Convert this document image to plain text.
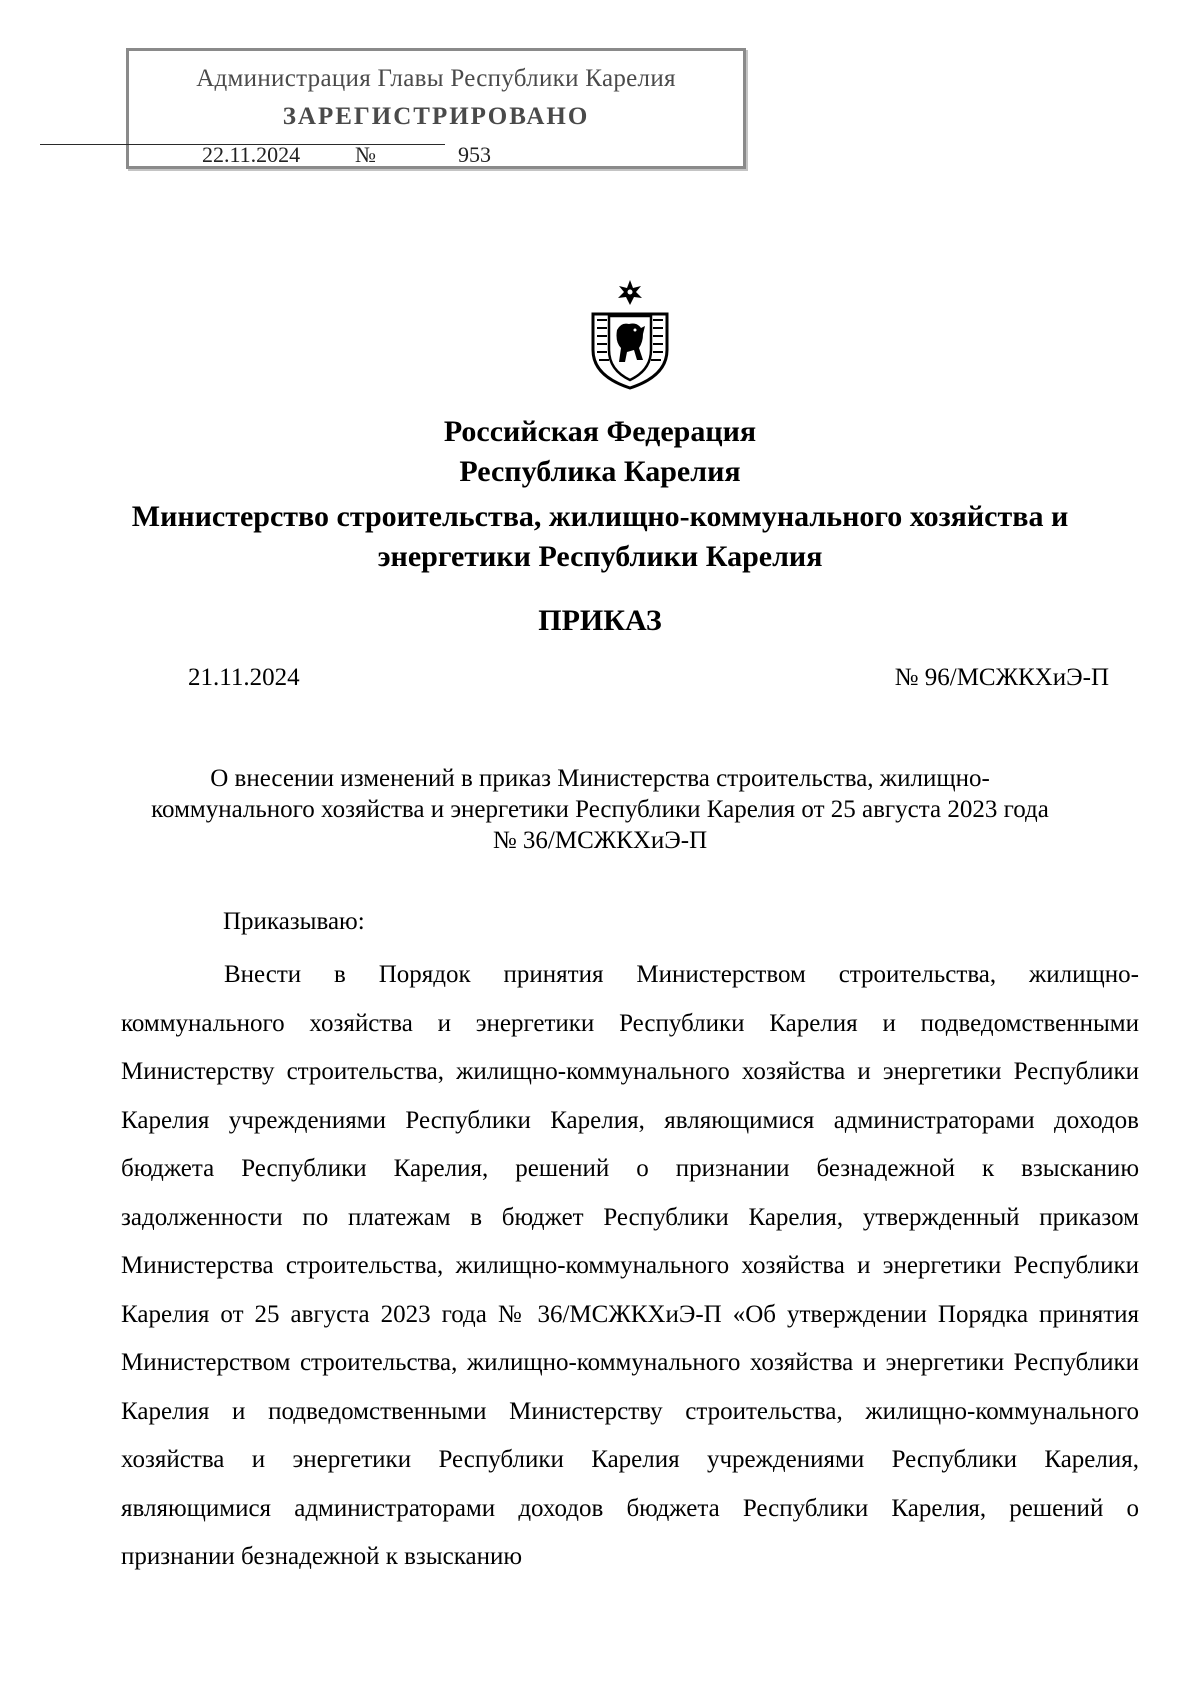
Администрация Главы Республики Карелия
ЗАРЕГИСТРИРОВАНО
22.11.2024 №	953
Российская Федерация
Республика Карелия
Министерство строительства, жилищно-коммунального хозяйства и энергетики Республики Карелия
ПРИКАЗ
21.11.2024	№ 96/МСЖКХиЭ-П
О внесении изменений в приказ Министерства строительства, жилищно-коммунального хозяйства и энергетики Республики Карелия от 25 августа 2023 года № 36/МСЖКХиЭ-П
Приказываю:
Внести в Порядок принятия Министерством строительства, жилищно-коммунального хозяйства и энергетики Республики Карелия и подведомственными Министерству строительства, жилищно-коммунального хозяйства и энергетики Республики Карелия учреждениями Республики Карелия, являющимися администраторами доходов бюджета Республики Карелия, решений о признании безнадежной к взысканию задолженности по платежам в бюджет Республики Карелия, утвержденный приказом Министерства строительства, жилищно-коммунального хозяйства и энергетики Республики Карелия от 25 августа 2023 года № 36/МСЖКХиЭ-П «Об утверждении Порядка принятия Министерством строительства, жилищно-коммунального хозяйства и энергетики Республики Карелия и подведомственными Министерству строительства, жилищно-коммунального хозяйства и энергетики Республики Карелия учреждениями Республики Карелия, являющимися администраторами доходов бюджета Республики Карелия, решений о признании безнадежной к взысканию
